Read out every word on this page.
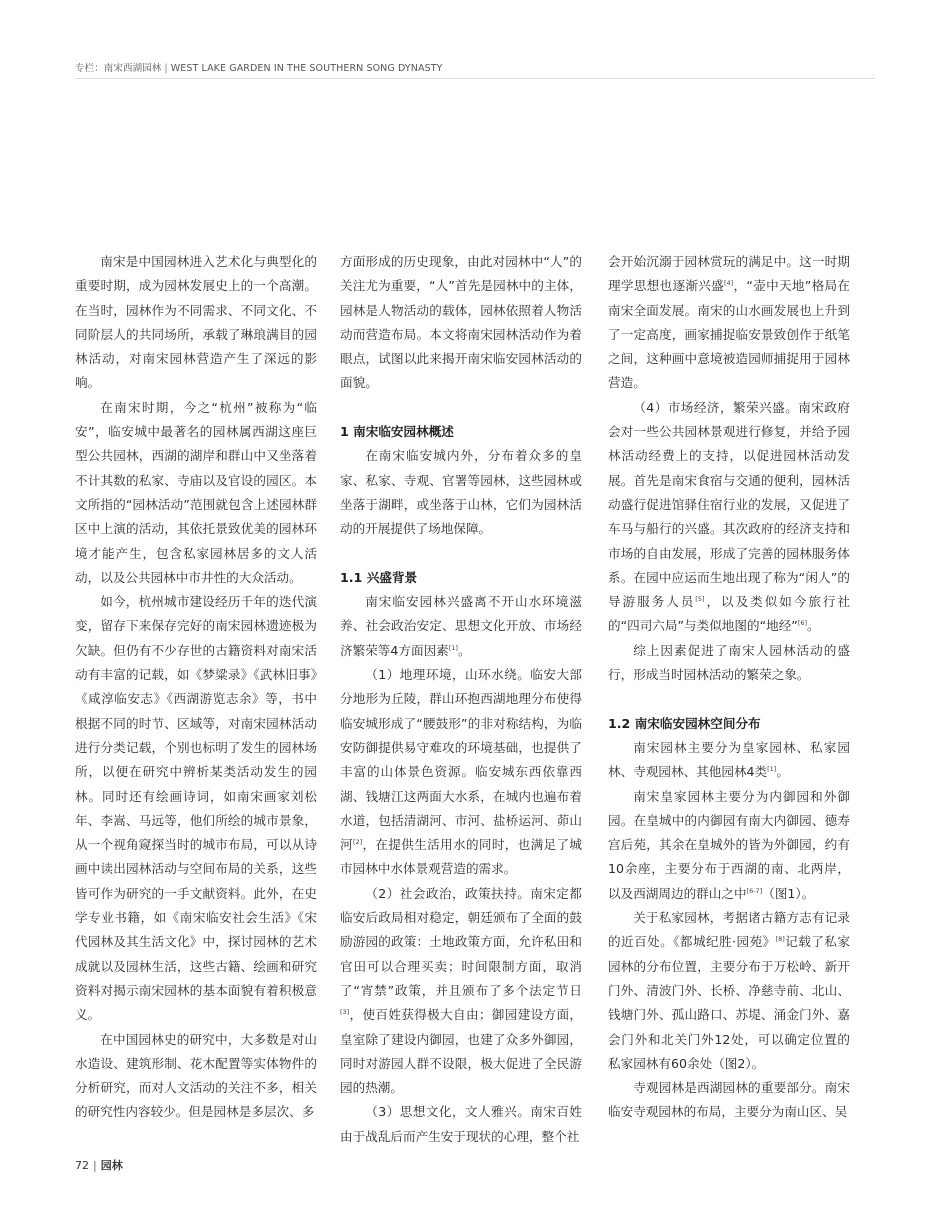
专栏：南宋西湖园林 | WEST LAKE GARDEN IN THE SOUTHERN SONG DYNASTY

南宋是中国园林进入艺术化与典型化的重要时期，成为园林发展史上的一个高潮。在当时，园林作为不同需求、不同文化、不同阶层人的共同场所，承载了琳琅满目的园林活动，对南宋园林营造产生了深远的影响。

在南宋时期，今之“杭州”被称为“临安”，临安城中最著名的园林属西湖这座巨型公共园林，西湖的湖岸和群山中又坐落着不计其数的私家、寺庙以及官设的园区。本文所指的“园林活动”范围就包含上述园林群区中上演的活动，其依托景致优美的园林环境才能产生，包含私家园林居多的文人活动，以及公共园林中市井性的大众活动。

如今，杭州城市建设经历千年的迭代演变，留存下来保存完好的南宋园林遗迹极为欠缺。但仍有不少存世的古籍资料对南宋活动有丰富的记载，如《梦粱录》《武林旧事》《咸淳临安志》《西湖游览志余》等，书中根据不同的时节、区域等，对南宋园林活动进行分类记载，个别也标明了发生的园林场所，以便在研究中辨析某类活动发生的园林。同时还有绘画诗词，如南宋画家刘松年、李嵩、马远等，他们所绘的城市景象，从一个视角窥探当时的城市布局，可以从诗画中读出园林活动与空间布局的关系，这些皆可作为研究的一手文献资料。此外，在史学专业书籍，如《南宋临安社会生活》《宋代园林及其生活文化》中，探讨园林的艺术成就以及园林生活，这些古籍、绘画和研究资料对揭示南宋园林的基本面貌有着积极意义。

在中国园林史的研究中，大多数是对山水造设、建筑形制、花木配置等实体物件的分析研究，而对人文活动的关注不多，相关的研究性内容较少。但是园林是多层次、多

方面形成的历史现象，由此对园林中“人”的关注尤为重要，“人”首先是园林中的主体，园林是人物活动的载体，园林依照着人物活动而营造布局。本文将南宋园林活动作为着眼点，试图以此来揭开南宋临安园林活动的面貌。

1 南宋临安园林概述

在南宋临安城内外，分布着众多的皇家、私家、寺观、官署等园林，这些园林或坐落于湖畔，或坐落于山林，它们为园林活动的开展提供了场地保障。

1.1 兴盛背景

南宋临安园林兴盛离不开山水环境滋养、社会政治安定、思想文化开放、市场经济繁荣等4方面因素[1]。

（1）地理环境，山环水绕。临安大部分地形为丘陵，群山环抱西湖地理分布使得临安城形成了“腰鼓形”的非对称结构，为临安防御提供易守难攻的环境基础，也提供了丰富的山体景色资源。临安城东西依靠西湖、钱塘江这两面大水系，在城内也遍布着水道，包括清湖河、市河、盐桥运河、茆山河[2]，在提供生活用水的同时，也满足了城市园林中水体景观营造的需求。

（2）社会政治，政策扶持。南宋定都临安后政局相对稳定，朝廷颁布了全面的鼓励游园的政策：土地政策方面，允许私田和官田可以合理买卖；时间限制方面，取消了“宵禁”政策，并且颁布了多个法定节日[3]，使百姓获得极大自由；御园建设方面，皇室除了建设内御园，也建了众多外御园，同时对游园人群不设限，极大促进了全民游园的热潮。

（3）思想文化，文人雅兴。南宋百姓由于战乱后而产生安于现状的心理，整个社

会开始沉溺于园林赏玩的满足中。这一时期理学思想也逐渐兴盛[4]，“壶中天地”格局在南宋全面发展。南宋的山水画发展也上升到了一定高度，画家捕捉临安景致创作于纸笔之间，这种画中意境被造园师捕捉用于园林营造。

（4）市场经济，繁荣兴盛。南宋政府会对一些公共园林景观进行修复，并给予园林活动经费上的支持，以促进园林活动发展。首先是南宋食宿与交通的便利，园林活动盛行促进馆驿住宿行业的发展，又促进了车马与船行的兴盛。其次政府的经济支持和市场的自由发展，形成了完善的园林服务体系。在园中应运而生地出现了称为“闲人”的导游服务人员[5]，以及类似如今旅行社的“四司六局”与类似地图的“地经”[6]。

综上因素促进了南宋人园林活动的盛行，形成当时园林活动的繁荣之象。

1.2 南宋临安园林空间分布

南宋园林主要分为皇家园林、私家园林、寺观园林、其他园林4类[1]。

南宋皇家园林主要分为内御园和外御园。在皇城中的内御园有南大内御园、德寿宫后苑，其余在皇城外的皆为外御园，约有10余座，主要分布于西湖的南、北两岸，以及西湖周边的群山之中[6-7]（图1）。

关于私家园林，考据诸古籍方志有记录的近百处。《都城纪胜·园苑》[8]记载了私家园林的分布位置，主要分布于万松岭、新开门外、清波门外、长桥、净慈寺前、北山、钱塘门外、孤山路口、苏堤、涌金门外、嘉会门外和北关门外12处，可以确定位置的私家园林有60余处（图2）。

寺观园林是西湖园林的重要部分。南宋临安寺观园林的布局，主要分为南山区、吴

72 | 园林
